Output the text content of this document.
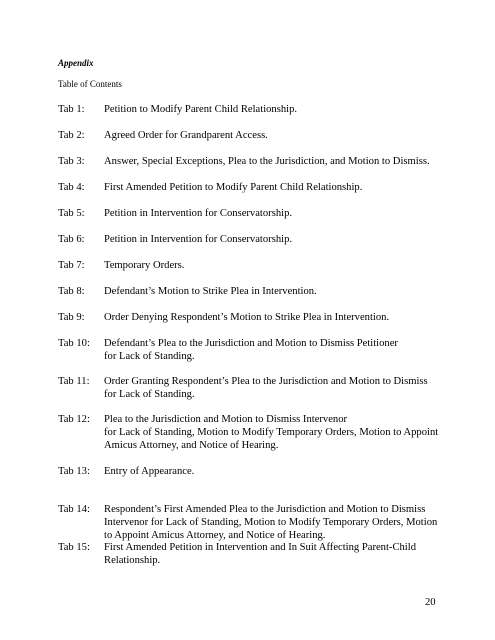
Appendix

Table of Contents

Tab 1:	Petition to Modify Parent Child Relationship.
Tab 2:	Agreed Order for Grandparent Access.
Tab 3:	Answer, Special Exceptions, Plea to the Jurisdiction, and Motion to Dismiss.
Tab 4:	First Amended Petition to Modify Parent Child Relationship.
Tab 5:	Petition in Intervention for Conservatorship.
Tab 6:	Petition in Intervention for Conservatorship.
Tab 7:	Temporary Orders.
Tab 8:	Defendant’s Motion to Strike Plea in Intervention.
Tab 9:	Order Denying Respondent’s Motion to Strike Plea in Intervention.
Tab 10:	Defendant’s Plea to the Jurisdiction and Motion to Dismiss Petitioner
for Lack of Standing.
Tab 11:	Order Granting Respondent’s Plea to the Jurisdiction and Motion to Dismiss
for Lack of Standing.
Tab 12:	Plea to the Jurisdiction and Motion to Dismiss Intervenor
for Lack of Standing, Motion to Modify Temporary Orders, Motion to Appoint
Amicus Attorney, and Notice of Hearing.
Tab 13:	Entry of Appearance.
Tab 14:	Respondent’s First Amended Plea to the Jurisdiction and Motion to Dismiss
Intervenor for Lack of Standing, Motion to Modify Temporary Orders, Motion
to Appoint Amicus Attorney, and Notice of Hearing.
Tab 15:	First Amended Petition in Intervention and In Suit Affecting Parent-Child
Relationship.
20
